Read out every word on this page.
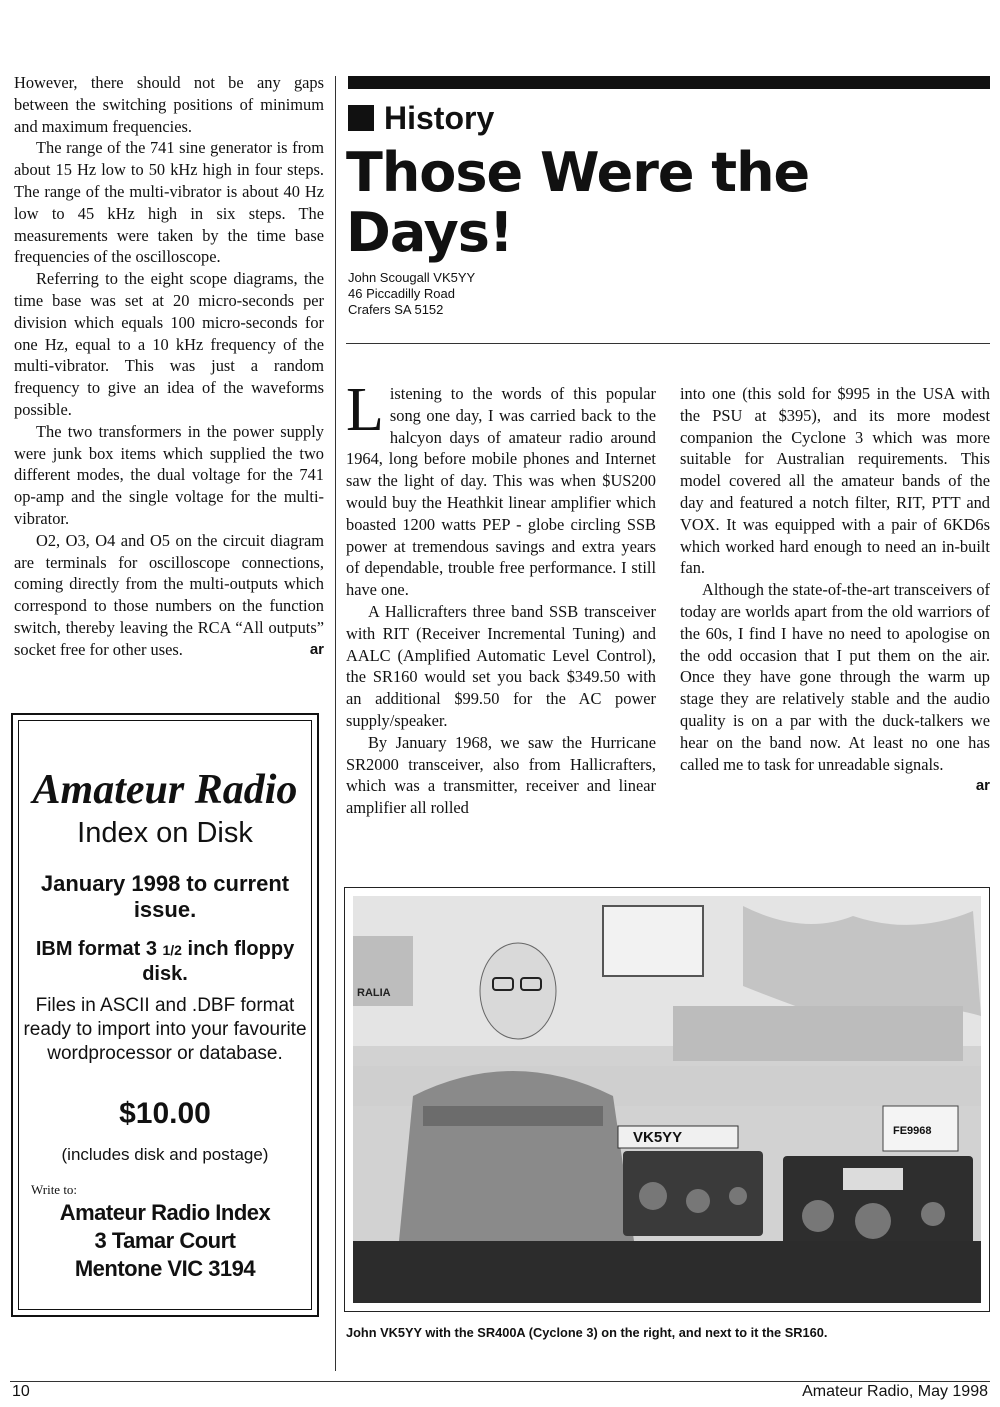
However, there should not be any gaps between the switching positions of minimum and maximum frequencies.

The range of the 741 sine generator is from about 15 Hz low to 50 kHz high in four steps. The range of the multi-vibrator is about 40 Hz low to 45 kHz high in six steps. The measurements were taken by the time base frequencies of the oscilloscope.

Referring to the eight scope diagrams, the time base was set at 20 micro-seconds per division which equals 100 micro-seconds for one Hz, equal to a 10 kHz frequency of the multi-vibrator. This was just a random frequency to give an idea of the waveforms possible.

The two transformers in the power supply were junk box items which supplied the two different modes, the dual voltage for the 741 op-amp and the single voltage for the multi-vibrator.

O2, O3, O4 and O5 on the circuit diagram are terminals for oscilloscope connections, coming directly from the multi-outputs which correspond to those numbers on the function switch, thereby leaving the RCA “All outputs” socket free for other uses.	ar

History
Those Were the Days!
John Scougall VK5YY
46 Piccadilly Road
Crafers SA 5152

Listening to the words of this popular song one day, I was carried back to the halcyon days of amateur radio around 1964, long before mobile phones and Internet saw the light of day. This was when $US200 would buy the Heathkit linear amplifier which boasted 1200 watts PEP - globe circling SSB power at tremendous savings and extra years of dependable, trouble free performance. I still have one.

A Hallicrafters three band SSB transceiver with RIT (Receiver Incremental Tuning) and AALC (Amplified Automatic Level Control), the SR160 would set you back $349.50 with an additional $99.50 for the AC power supply/speaker.

By January 1968, we saw the Hurricane SR2000 transceiver, also from Hallicrafters, which was a transmitter, receiver and linear amplifier all rolled

into one (this sold for $995 in the USA with the PSU at $395), and its more modest companion the Cyclone 3 which was more suitable for Australian requirements. This model covered all the amateur bands of the day and featured a notch filter, RIT, PTT and VOX. It was equipped with a pair of 6KD6s which worked hard enough to need an in-built fan.

Although the state-of-the-art transceivers of today are worlds apart from the old warriors of the 60s, I find I have no need to apologise on the odd occasion that I put them on the air. Once they have gone through the warm up stage they are relatively stable and the audio quality is on a par with the duck-talkers we hear on the band now. At least no one has called me to task for unreadable signals.

ar
Amateur Radio
Index on Disk
January 1998 to current issue.
IBM format 3 1/2 inch floppy disk.
Files in ASCII and .DBF format ready to import into your favourite wordprocessor or database.
$10.00
(includes disk and postage)
Write to:
Amateur Radio Index
3 Tamar Court
Mentone VIC 3194
RALIA
VK5YY	FE9968
John VK5YY with the SR400A (Cyclone 3) on the right, and next to it the SR160.
10	Amateur Radio, May 1998
